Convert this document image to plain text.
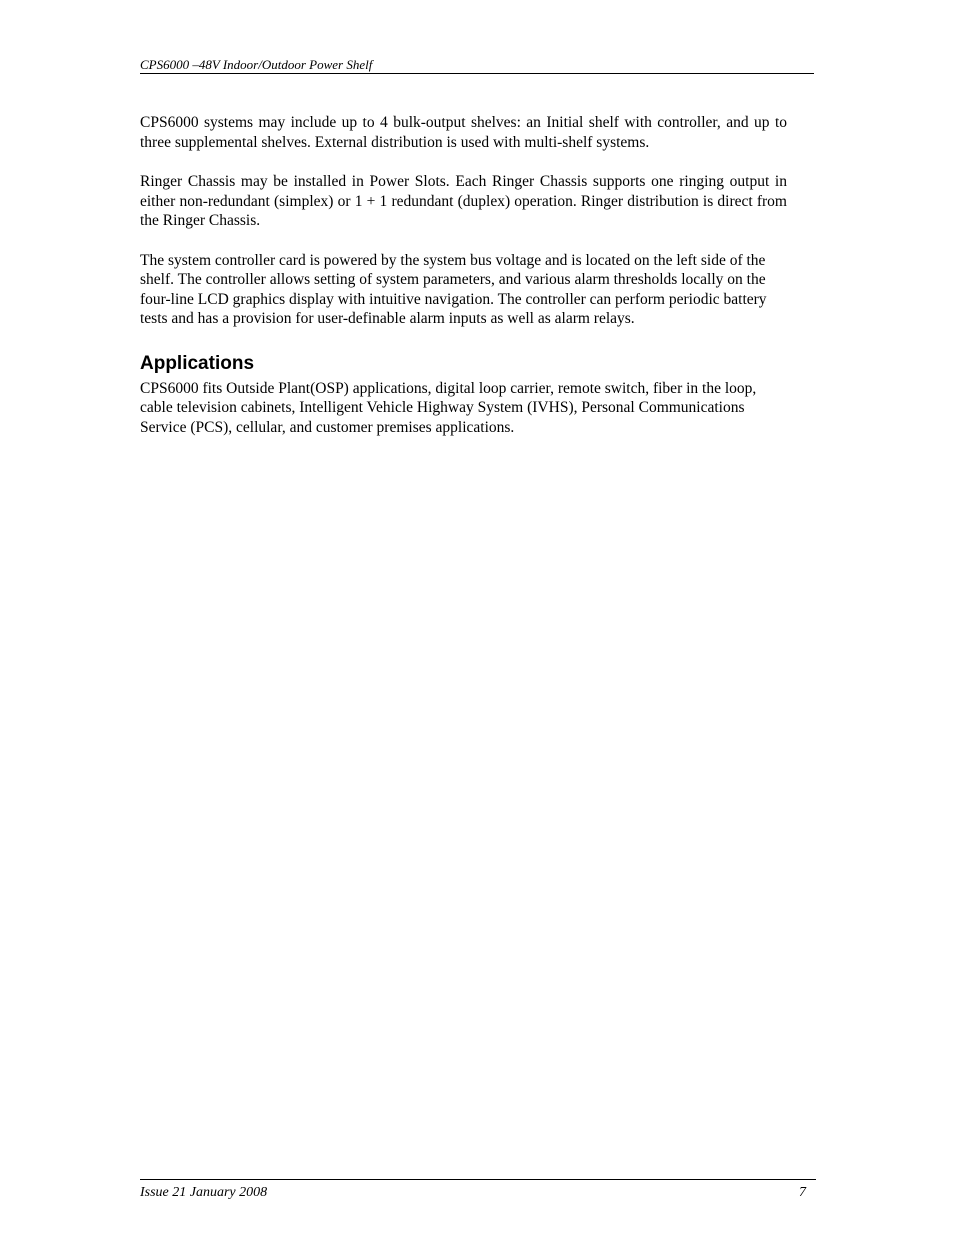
CPS6000 –48V Indoor/Outdoor Power Shelf

CPS6000 systems may include up to 4 bulk-output shelves: an Initial shelf with controller, and up to three supplemental shelves. External distribution is used with multi-shelf systems.

Ringer Chassis may be installed in Power Slots. Each Ringer Chassis supports one ringing output in either non-redundant (simplex) or 1 + 1 redundant (duplex) operation. Ringer distribution is direct from the Ringer Chassis.

The system controller card is powered by the system bus voltage and is located on the left side of the shelf. The controller allows setting of system parameters, and various alarm thresholds locally on the four-line LCD graphics display with intuitive navigation. The controller can perform periodic battery tests and has a provision for user-definable alarm inputs as well as alarm relays.

Applications

CPS6000 fits Outside Plant(OSP) applications, digital loop carrier, remote switch, fiber in the loop, cable television cabinets, Intelligent Vehicle Highway System (IVHS), Personal Communications Service (PCS), cellular, and customer premises applications.

Issue 21 January 2008	7
